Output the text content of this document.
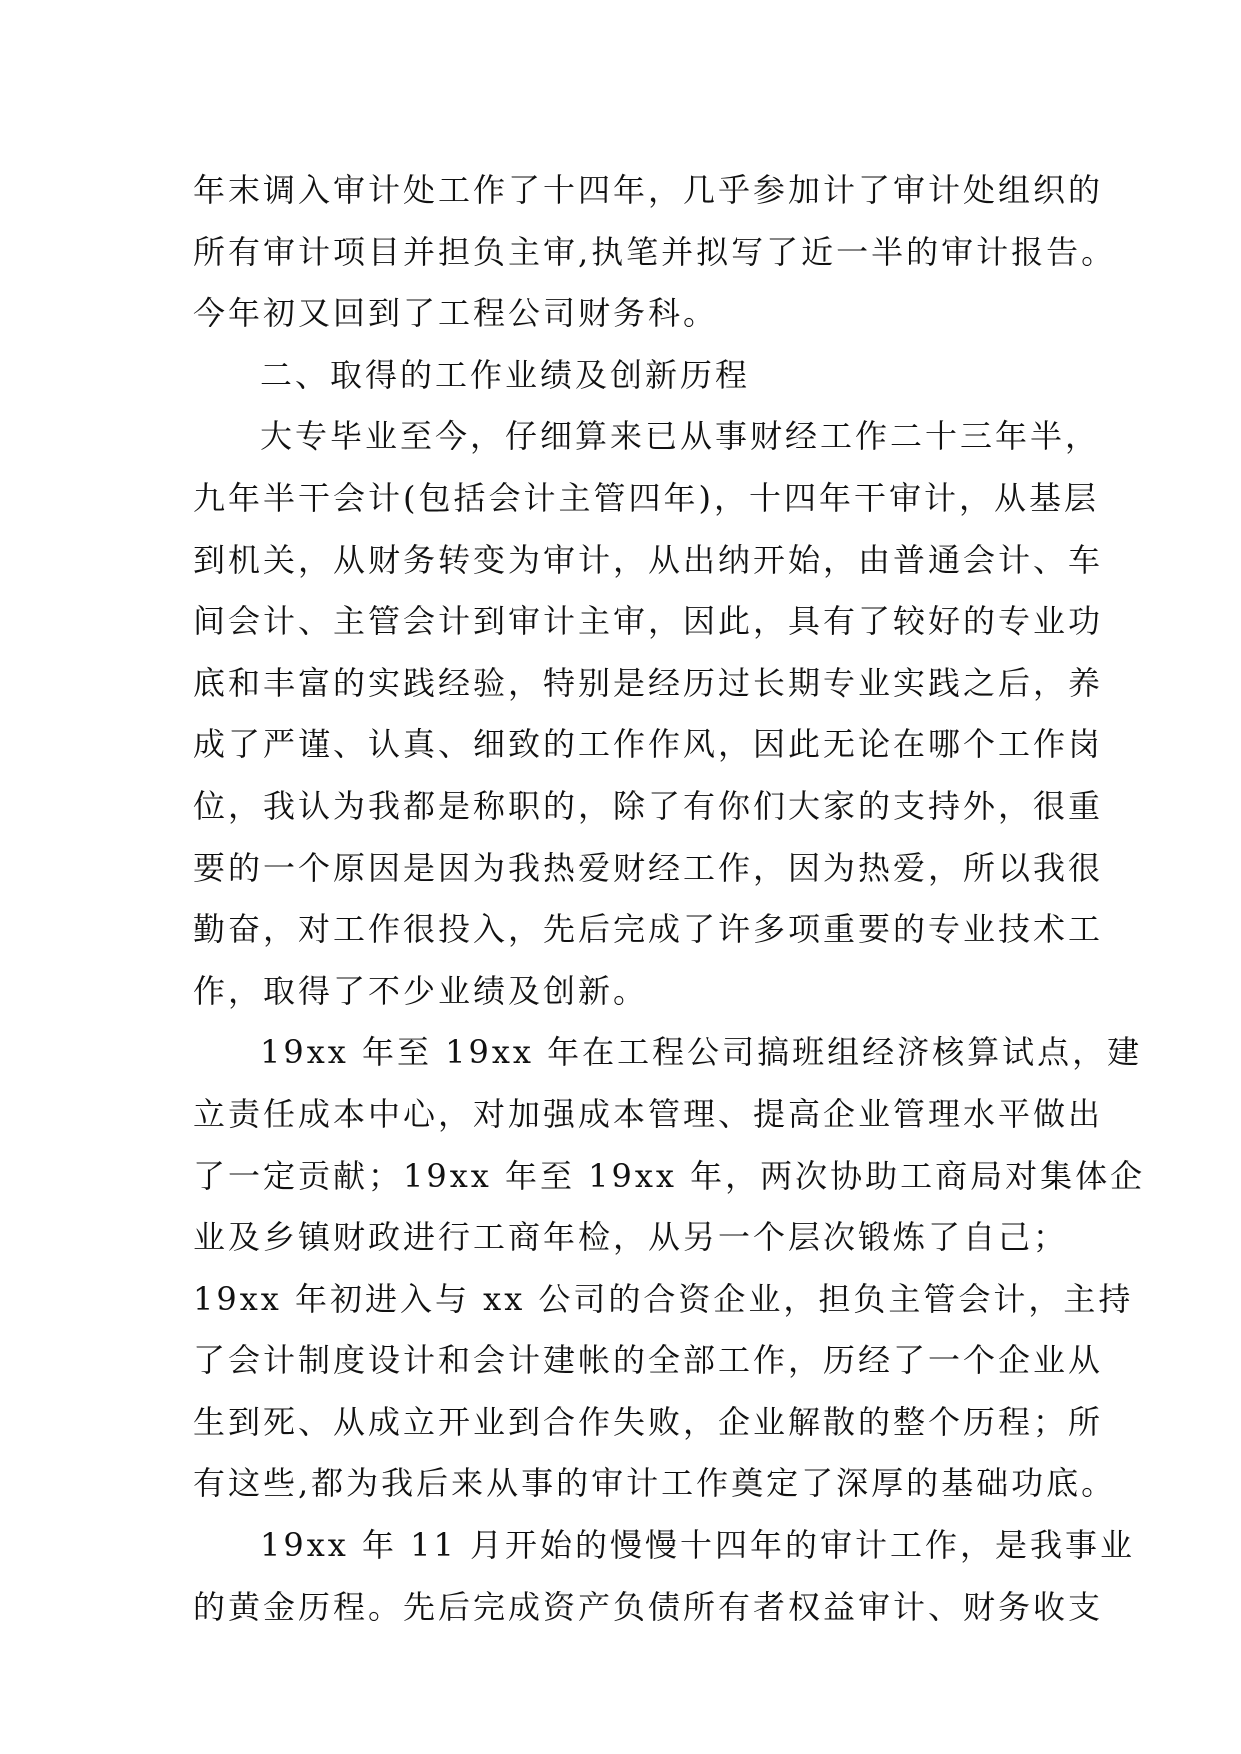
年末调入审计处工作了十四年，几乎参加计了审计处组织的

所有审计项目并担负主审,执笔并拟写了近一半的审计报告。

今年初又回到了工程公司财务科。

二、取得的工作业绩及创新历程

大专毕业至今，仔细算来已从事财经工作二十三年半，

九年半干会计(包括会计主管四年)，十四年干审计，从基层

到机关，从财务转变为审计，从出纳开始，由普通会计、车

间会计、主管会计到审计主审，因此，具有了较好的专业功

底和丰富的实践经验，特别是经历过长期专业实践之后，养

成了严谨、认真、细致的工作作风，因此无论在哪个工作岗

位，我认为我都是称职的，除了有你们大家的支持外，很重

要的一个原因是因为我热爱财经工作，因为热爱，所以我很

勤奋，对工作很投入，先后完成了许多项重要的专业技术工

作，取得了不少业绩及创新。

19xx 年至 19xx 年在工程公司搞班组经济核算试点，建

立责任成本中心，对加强成本管理、提高企业管理水平做出

了一定贡献；19xx 年至 19xx 年，两次协助工商局对集体企

业及乡镇财政进行工商年检，从另一个层次锻炼了自己；

19xx 年初进入与 xx 公司的合资企业，担负主管会计，主持

了会计制度设计和会计建帐的全部工作，历经了一个企业从

生到死、从成立开业到合作失败，企业解散的整个历程；所

有这些,都为我后来从事的审计工作奠定了深厚的基础功底。

19xx 年 11 月开始的慢慢十四年的审计工作，是我事业

的黄金历程。先后完成资产负债所有者权益审计、财务收支
